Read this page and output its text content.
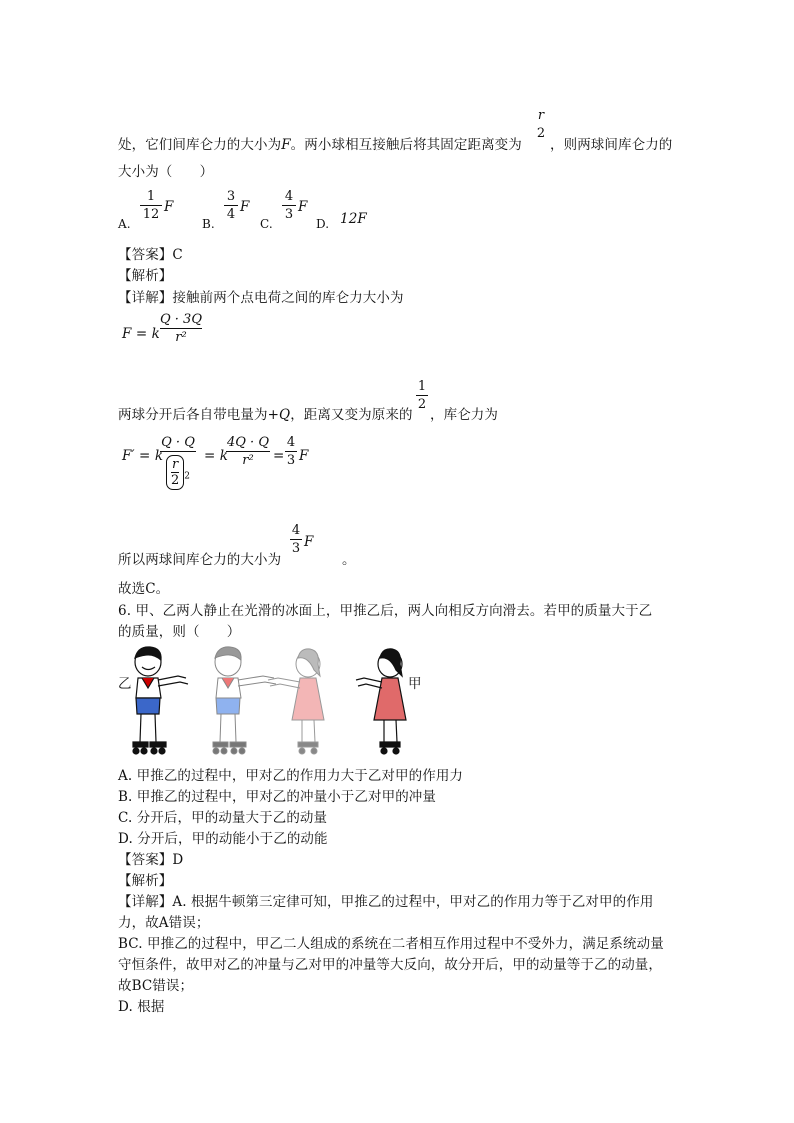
处，它们间库仑力的大小为F。两小球相互接触后将其固定距离变为
r
2
，则两球间库仑力的
大小为（　　）
A.
1
12 F
B.
3
4 F
C.
4
3 F
D. 12F
【答案】C
【解析】
【详解】接触前两个点电荷之间的库仑力大小为
F = k
Q · 3Q
r²
两球分开后各自带电量为+Q，距离又变为原来的
1
2
，库仑力为
F′ = k
Q · Q
$\frac{r}{2} ^2$
= k
4Q · Q
r²	=
4
3 F
所以两球间库仑力的大小为
4
3 F
。
故选C。
6. 甲、乙两人静止在光滑的冰面上，甲推乙后，两人向相反方向滑去。若甲的质量大于乙
的质量，则（　　）
乙	甲
A. 甲推乙的过程中，甲对乙的作用力大于乙对甲的作用力
B. 甲推乙的过程中，甲对乙的冲量小于乙对甲的冲量
C. 分开后，甲的动量大于乙的动量
D. 分开后，甲的动能小于乙的动能
【答案】D
【解析】
【详解】A. 根据牛顿第三定律可知，甲推乙的过程中，甲对乙的作用力等于乙对甲的作用
力，故A错误；
BC. 甲推乙的过程中，甲乙二人组成的系统在二者相互作用过程中不受外力，满足系统动量
守恒条件，故甲对乙的冲量与乙对甲的冲量等大反向，故分开后，甲的动量等于乙的动量，
故BC错误；
D. 根据
